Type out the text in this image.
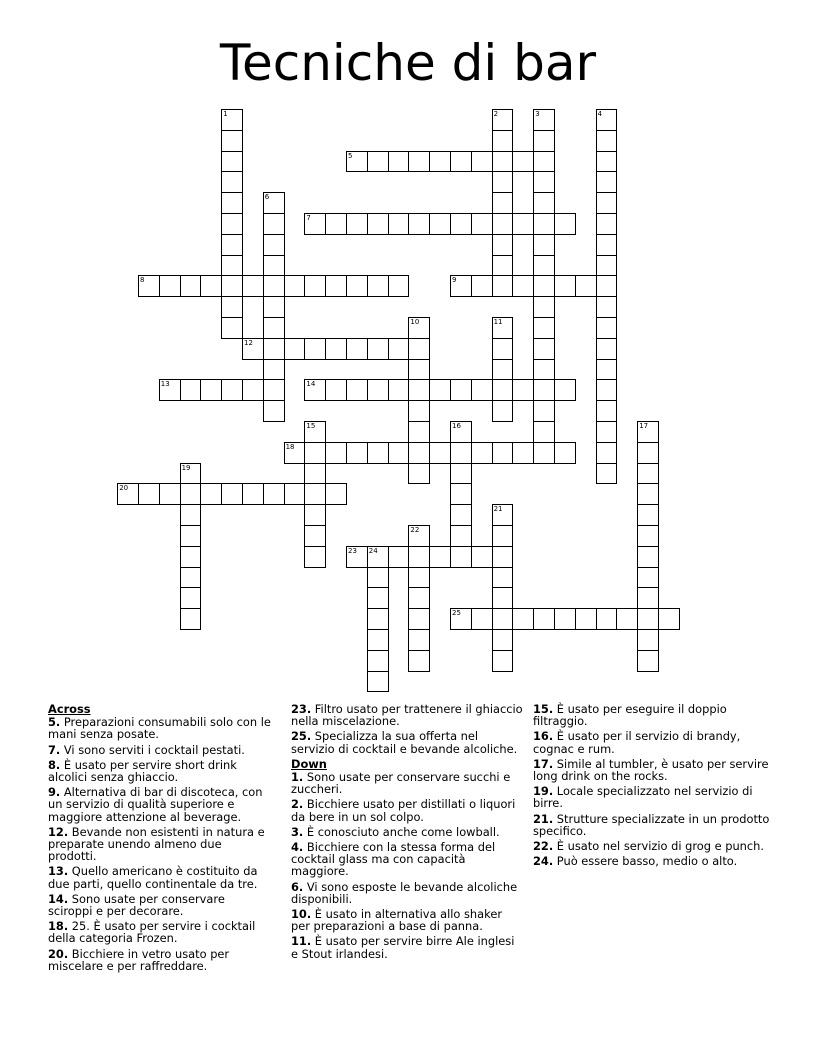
Tecniche di bar
5
7
8	9
12
13	14
18
20
23 24
25
1	2	3	4
6
10	11
15	16	17
19
21
22
Across
5. Preparazioni consumabili solo con le mani senza posate.
7. Vi sono serviti i cocktail pestati.
8. È usato per servire short drink alcolici senza ghiaccio.
9. Alternativa di bar di discoteca, con un servizio di qualità superiore e maggiore attenzione al beverage.
12. Bevande non esistenti in natura e preparate unendo almeno due prodotti.
13. Quello americano è costituito da due parti, quello continentale da tre.
14. Sono usate per conservare sciroppi e per decorare.
18. 25. È usato per servire i cocktail della categoria Frozen.
20. Bicchiere in vetro usato per miscelare e per raffreddare.
23. Filtro usato per trattenere il ghiaccio nella miscelazione.
25. Specializza la sua offerta nel servizio di cocktail e bevande alcoliche.
Down
1. Sono usate per conservare succhi e zuccheri.
2. Bicchiere usato per distillati o liquori da bere in un sol colpo.
3. È conosciuto anche come lowball.
4. Bicchiere con la stessa forma del cocktail glass ma con capacità maggiore.
6. Vi sono esposte le bevande alcoliche disponibili.
10. È usato in alternativa allo shaker per preparazioni a base di panna.
11. È usato per servire birre Ale inglesi e Stout irlandesi.
15. È usato per eseguire il doppio filtraggio.
16. È usato per il servizio di brandy, cognac e rum.
17. Simile al tumbler, è usato per servire long drink on the rocks.
19. Locale specializzato nel servizio di birre.
21. Strutture specializzate in un prodotto specifico.
22. È usato nel servizio di grog e punch.
24. Può essere basso, medio o alto.
